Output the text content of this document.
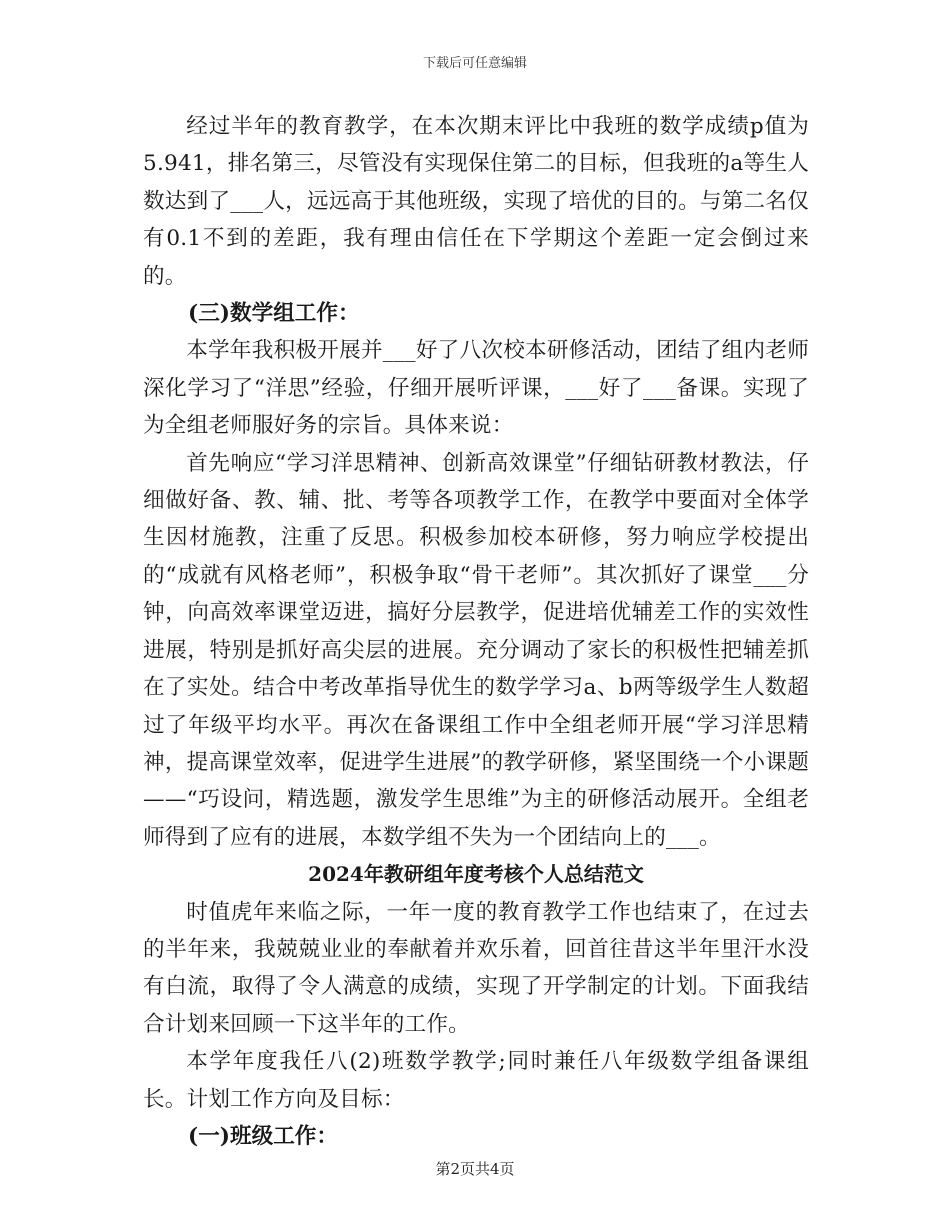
下载后可任意编辑

经过半年的教育教学，在本次期末评比中我班的数学成绩p值为5.941，排名第三，尽管没有实现保住第二的目标，但我班的a等生人数达到了___人，远远高于其他班级，实现了培优的目的。与第二名仅有0.1不到的差距，我有理由信任在下学期这个差距一定会倒过来的。

(三)数学组工作：

本学年我积极开展并___好了八次校本研修活动，团结了组内老师深化学习了“洋思”经验，仔细开展听评课，___好了___备课。实现了为全组老师服好务的宗旨。具体来说：

首先响应“学习洋思精神、创新高效课堂”仔细钻研教材教法，仔细做好备、教、辅、批、考等各项教学工作，在教学中要面对全体学生因材施教，注重了反思。积极参加校本研修，努力响应学校提出的“成就有风格老师”，积极争取“骨干老师”。其次抓好了课堂___分钟，向高效率课堂迈进，搞好分层教学，促进培优辅差工作的实效性进展，特别是抓好高尖层的进展。充分调动了家长的积极性把辅差抓在了实处。结合中考改革指导优生的数学学习a、b两等级学生人数超过了年级平均水平。再次在备课组工作中全组老师开展“学习洋思精神，提高课堂效率，促进学生进展”的教学研修，紧坚围绕一个小课题——“巧设问，精选题，激发学生思维”为主的研修活动展开。全组老师得到了应有的进展，本数学组不失为一个团结向上的___。

2024年教研组年度考核个人总结范文

时值虎年来临之际，一年一度的教育教学工作也结束了，在过去的半年来，我兢兢业业的奉献着并欢乐着，回首往昔这半年里汗水没有白流，取得了令人满意的成绩，实现了开学制定的计划。下面我结合计划来回顾一下这半年的工作。

本学年度我任八(2)班数学教学;同时兼任八年级数学组备课组长。计划工作方向及目标：

(一)班级工作：

第2页共4页
